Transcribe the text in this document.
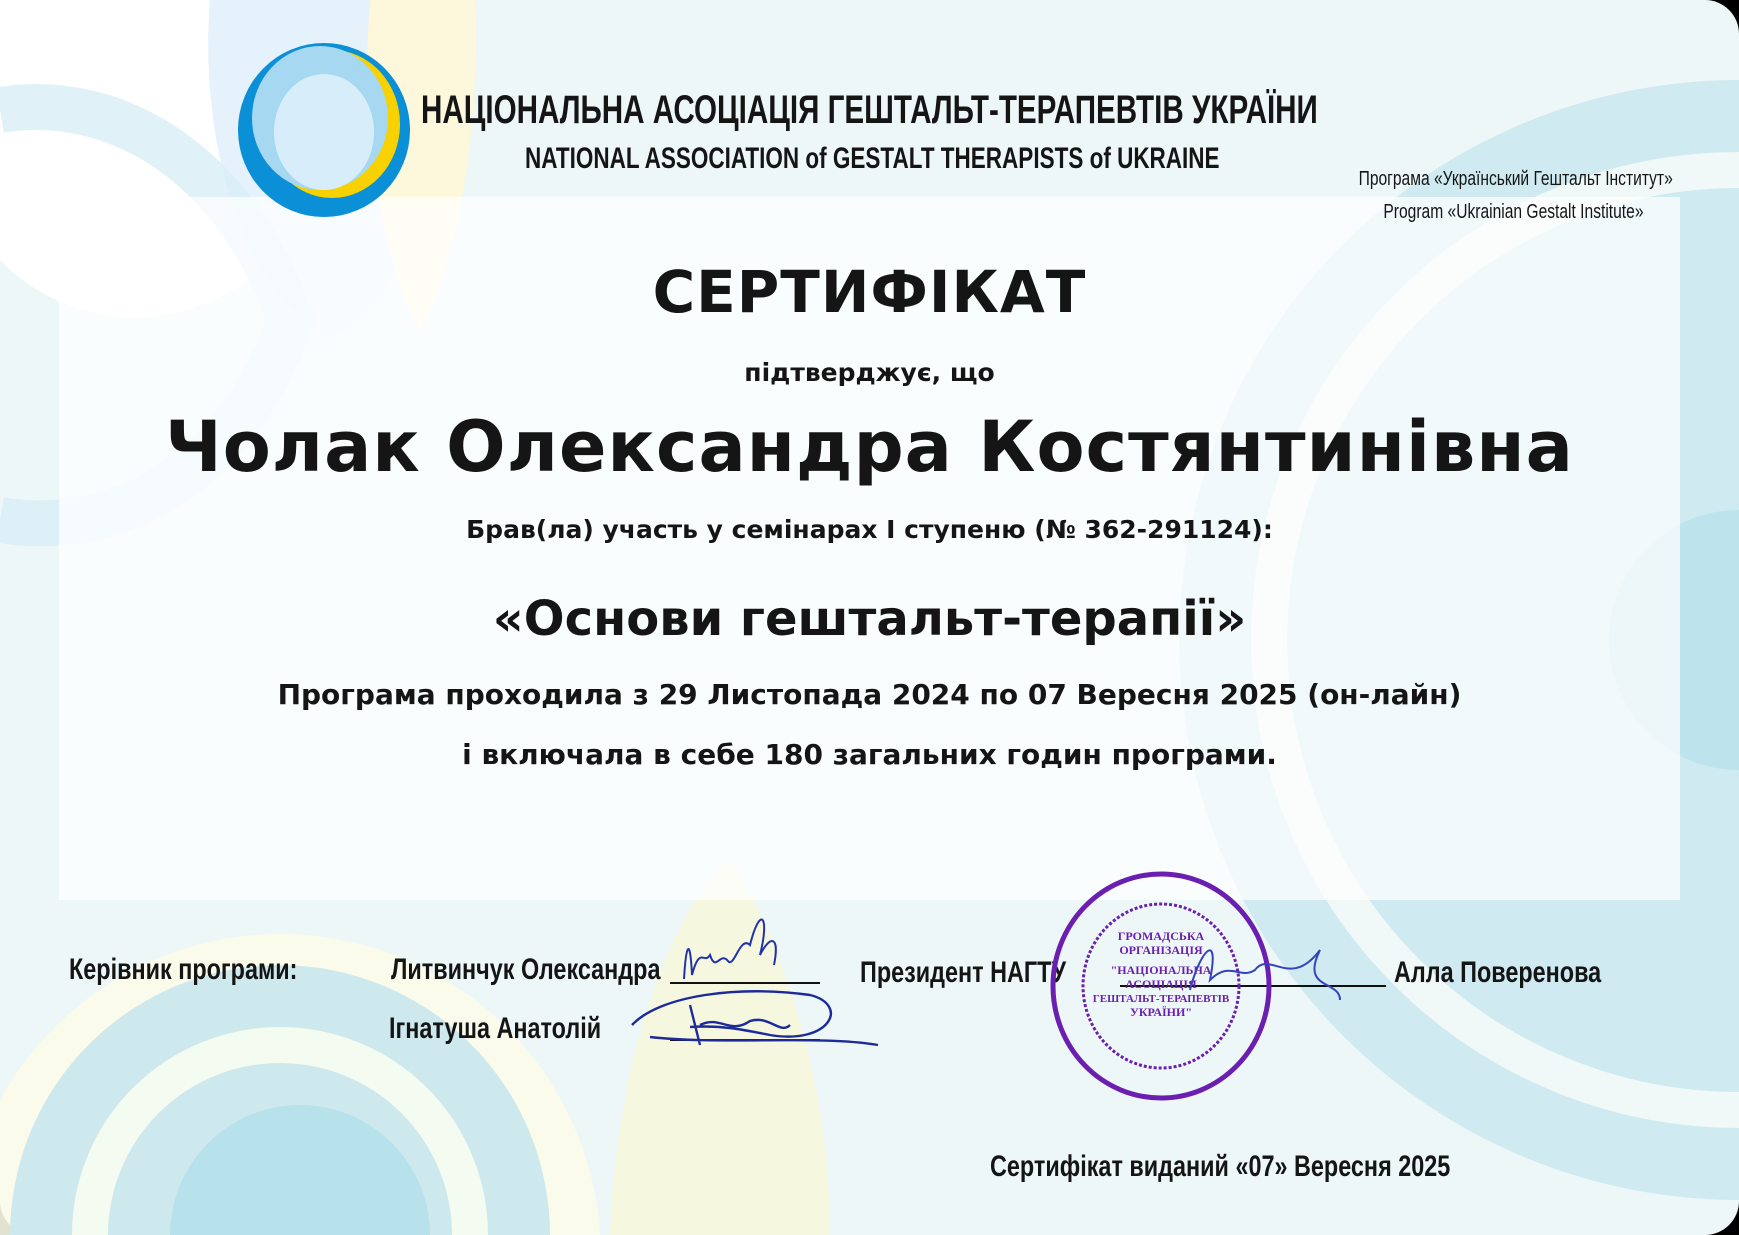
НАЦІОНАЛЬНА АСОЦІАЦІЯ ГЕШТАЛЬТ-ТЕРАПЕВТІВ УКРАЇНИ
NATIONAL ASSOCIATION of GESTALT THERAPISTS of UKRAINE
Програма «Український Гештальт Інститут»
Program «Ukrainian Gestalt Institute»
СЕРТИФІКАТ
підтверджує, що
Чолак Олександра Костянтинівна
Брав(ла) участь у семінарах І ступеню (№ 362-291124):
«Основи гештальт-терапії»
Програма проходила з 29 Листопада 2024 по 07 Вересня 2025 (он-лайн)
і включала в себе 180 загальних годин програми.
Керівник програми:	Литвинчук Олександра
Ігнатуша Анатолій
Президент НАГТУ	Алла Поверенова
ГРОМАДСЬКА
ОРГАНІЗАЦІЯ
"НАЦІОНАЛЬНА
АСОЦІАЦІЯ
ГЕШТАЛЬТ-ТЕРАПЕВТІВ
УКРАЇНИ"
Сертифікат виданий «07» Вересня 2025
